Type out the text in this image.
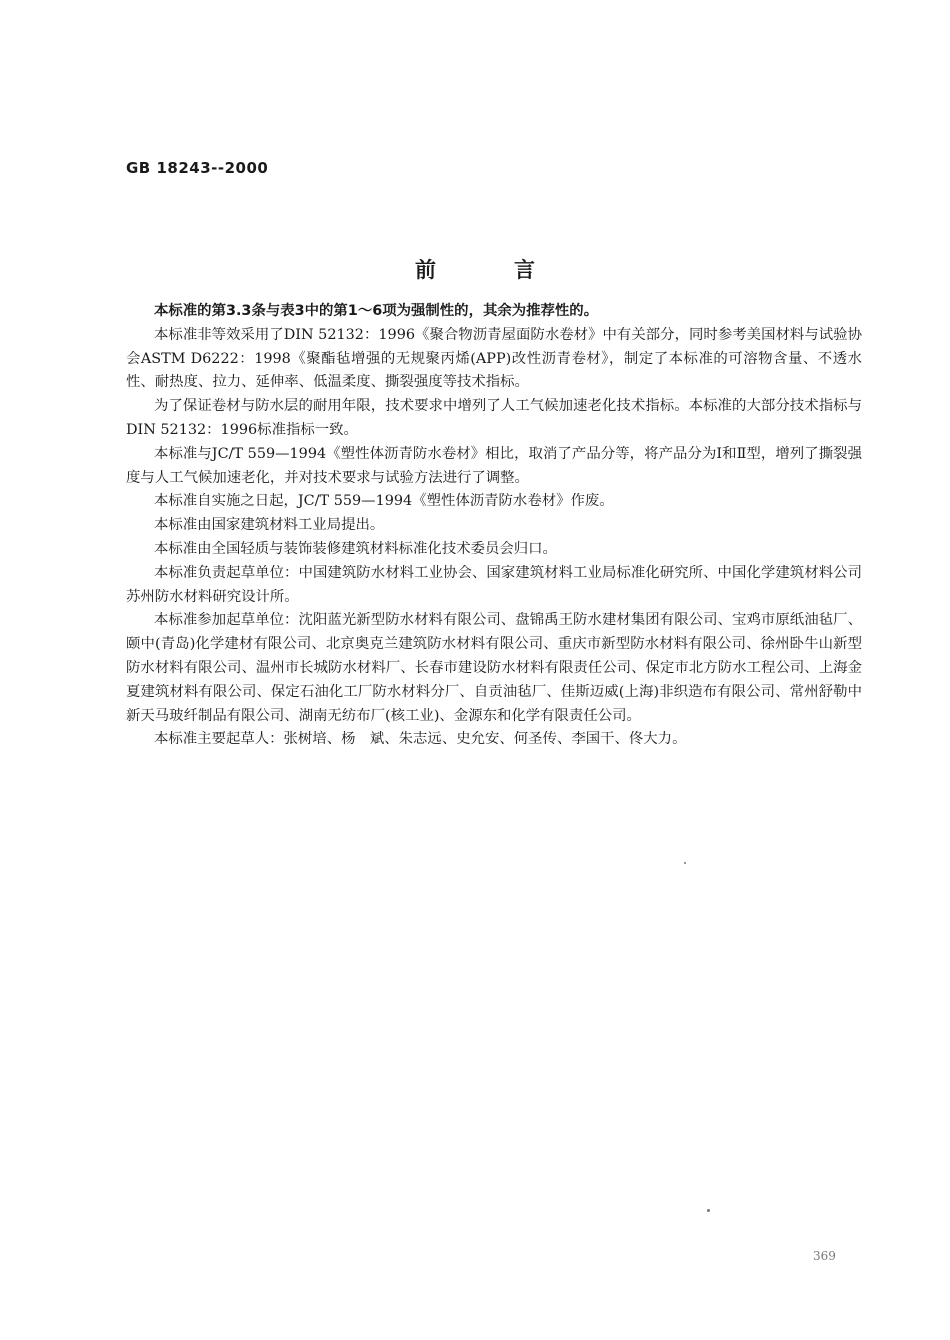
GB 18243--2000
前言

本标准的第3.3条与表3中的第1～6项为强制性的，其余为推荐性的。

本标准非等效采用了DIN 52132：1996《聚合物沥青屋面防水卷材》中有关部分，同时参考美国材料与试验协会ASTM D6222：1998《聚酯毡增强的无规聚丙烯(APP)改性沥青卷材》，制定了本标准的可溶物含量、不透水性、耐热度、拉力、延伸率、低温柔度、撕裂强度等技术指标。

为了保证卷材与防水层的耐用年限，技术要求中增列了人工气候加速老化技术指标。本标准的大部分技术指标与DIN 52132：1996标准指标一致。

本标准与JC/T 559—1994《塑性体沥青防水卷材》相比，取消了产品分等，将产品分为Ⅰ和Ⅱ型，增列了撕裂强度与人工气候加速老化，并对技术要求与试验方法进行了调整。

本标准自实施之日起，JC/T 559—1994《塑性体沥青防水卷材》作废。

本标准由国家建筑材料工业局提出。

本标准由全国轻质与装饰装修建筑材料标准化技术委员会归口。

本标准负责起草单位：中国建筑防水材料工业协会、国家建筑材料工业局标准化研究所、中国化学建筑材料公司苏州防水材料研究设计所。

本标准参加起草单位：沈阳蓝光新型防水材料有限公司、盘锦禹王防水建材集团有限公司、宝鸡市原纸油毡厂、颐中(青岛)化学建材有限公司、北京奥克兰建筑防水材料有限公司、重庆市新型防水材料有限公司、徐州卧牛山新型防水材料有限公司、温州市长城防水材料厂、长春市建设防水材料有限责任公司、保定市北方防水工程公司、上海金夏建筑材料有限公司、保定石油化工厂防水材料分厂、自贡油毡厂、佳斯迈威(上海)非织造布有限公司、常州舒勒中新天马玻纤制品有限公司、湖南无纺布厂(核工业)、金源东和化学有限责任公司。

本标准主要起草人：张树培、杨　斌、朱志远、史允安、何圣传、李国干、佟大力。

369
